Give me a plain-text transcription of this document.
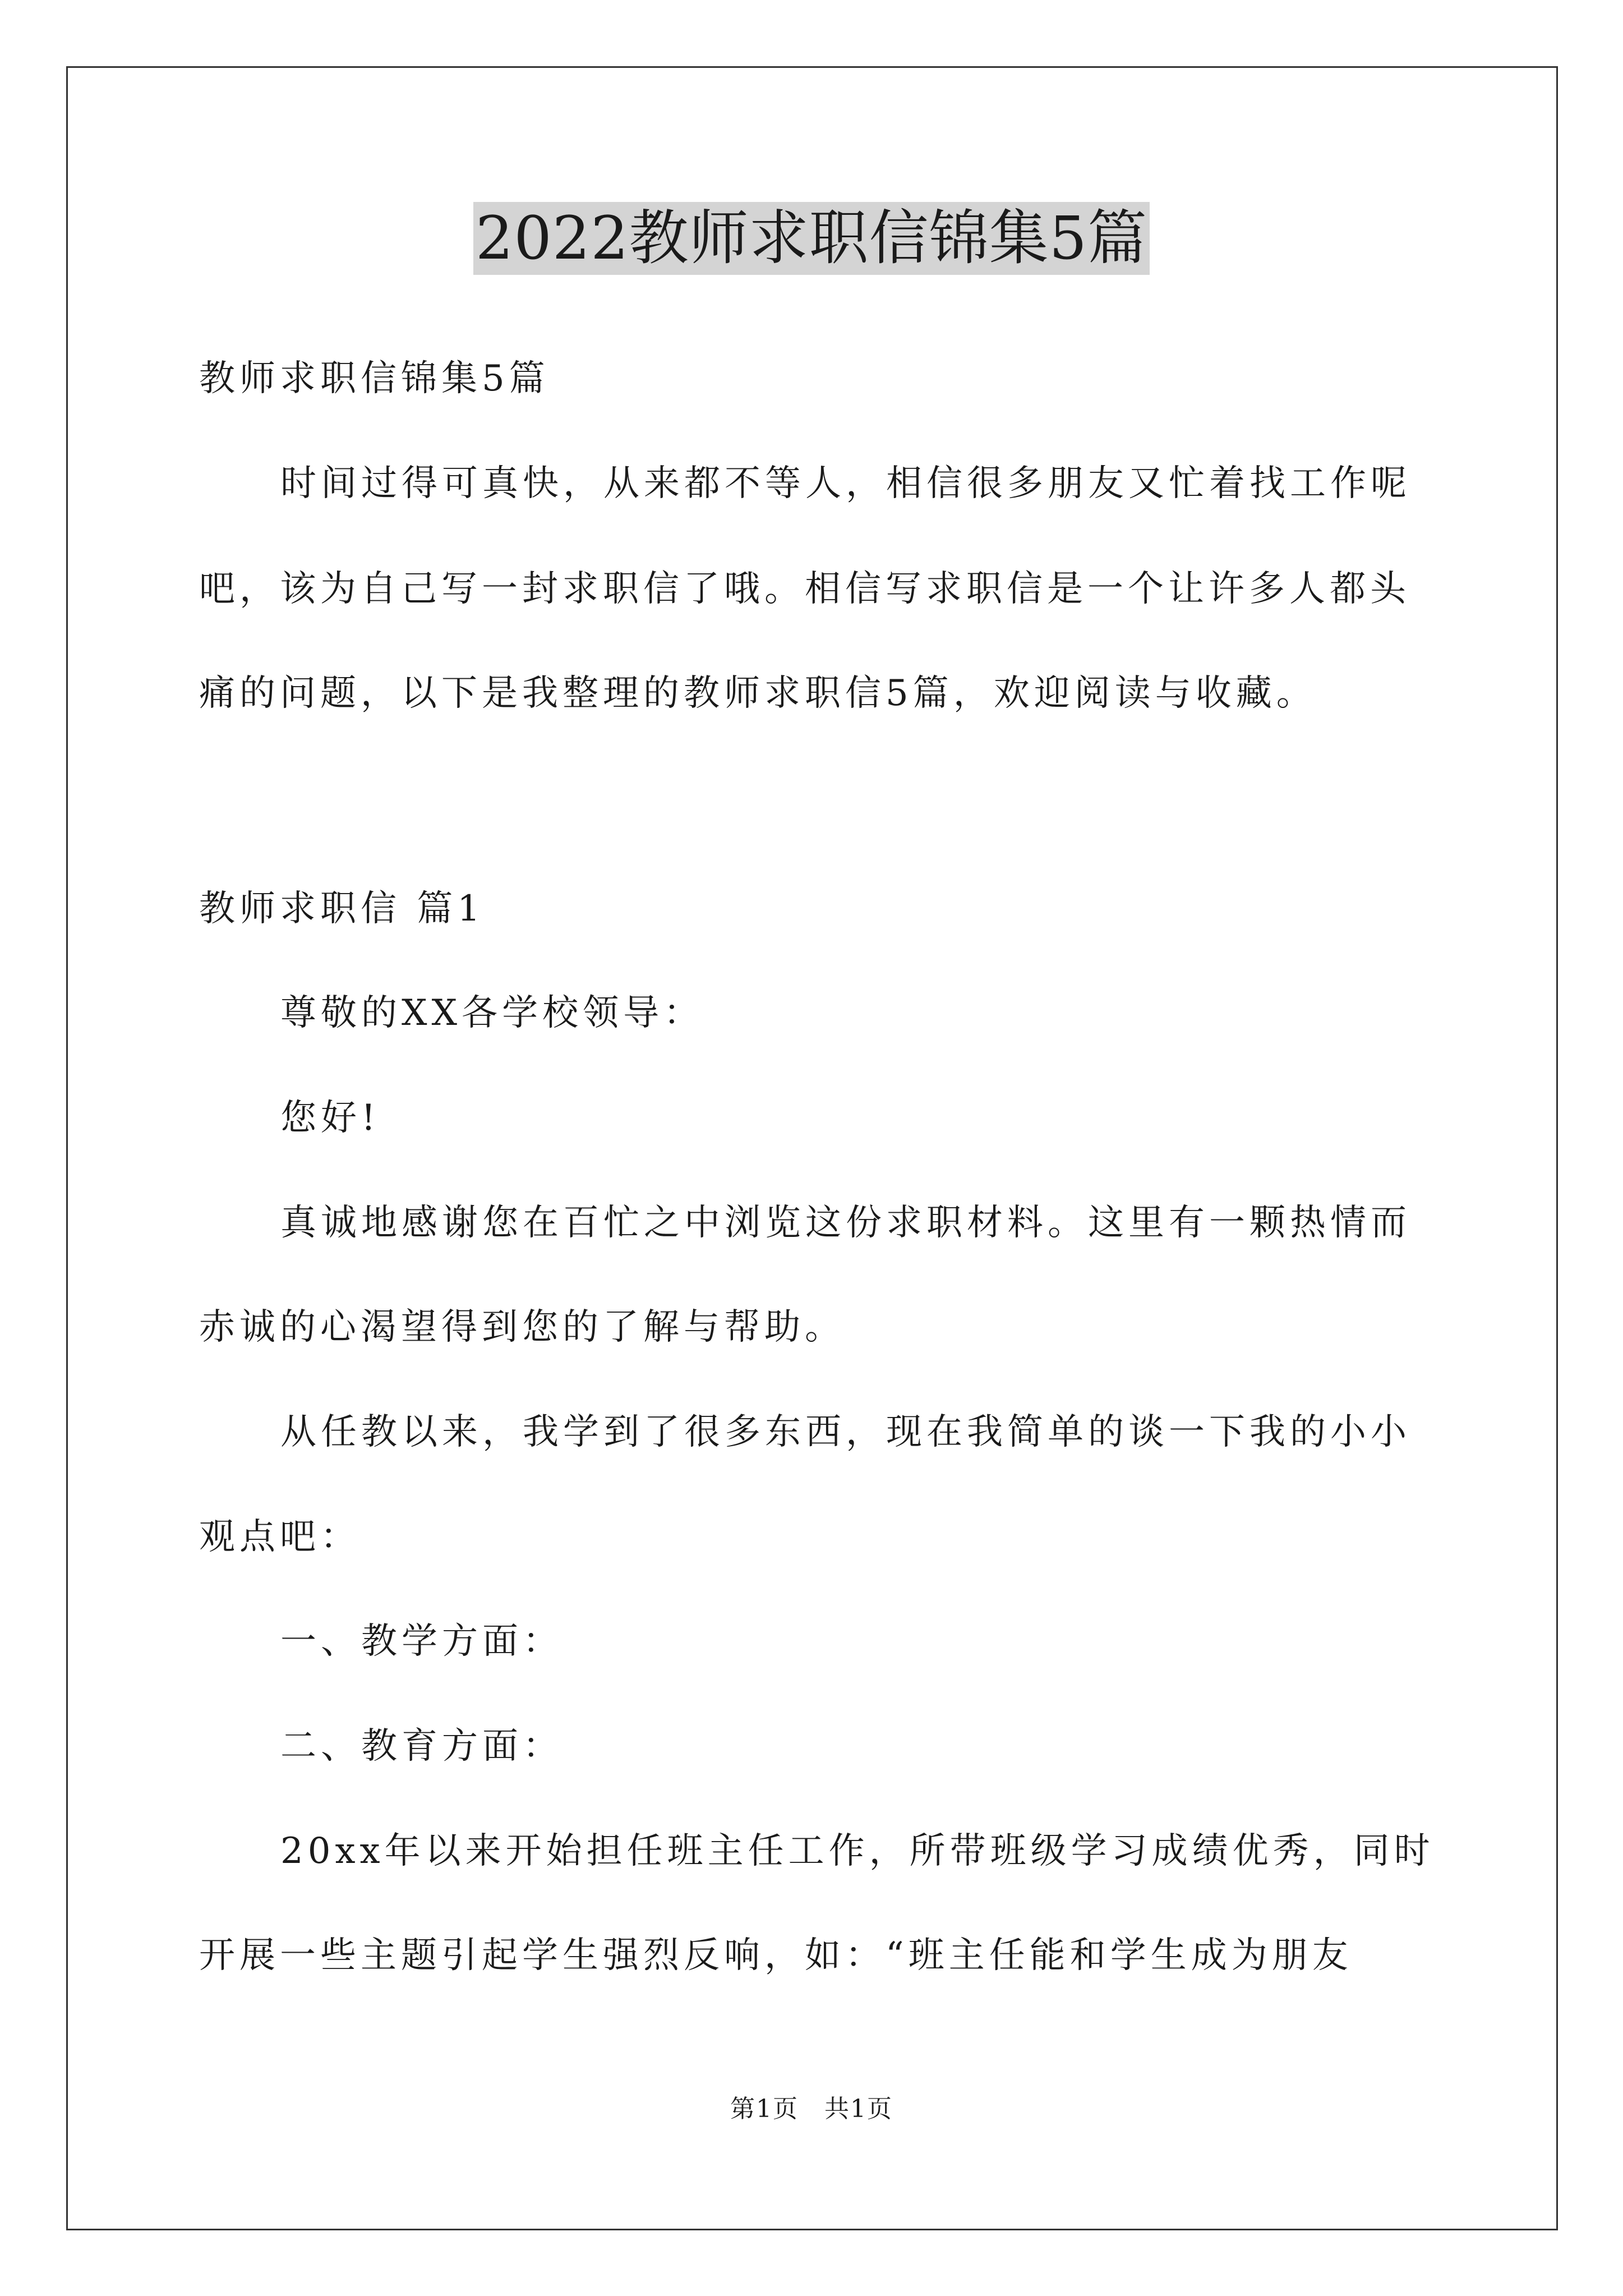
2022教师求职信锦集5篇
教师求职信锦集5篇
时间过得可真快，从来都不等人，相信很多朋友又忙着找工作呢
吧，该为自己写一封求职信了哦。相信写求职信是一个让许多人都头
痛的问题，以下是我整理的教师求职信5篇，欢迎阅读与收藏。
教师求职信 篇1
尊敬的XX各学校领导：
您好!
真诚地感谢您在百忙之中浏览这份求职材料。这里有一颗热情而
赤诚的心渴望得到您的了解与帮助。
从任教以来，我学到了很多东西，现在我简单的谈一下我的小小
观点吧：
一、教学方面：
二、教育方面：
20xx年以来开始担任班主任工作，所带班级学习成绩优秀，同时
开展一些主题引起学生强烈反响，如：“班主任能和学生成为朋友
第1页　共1页
